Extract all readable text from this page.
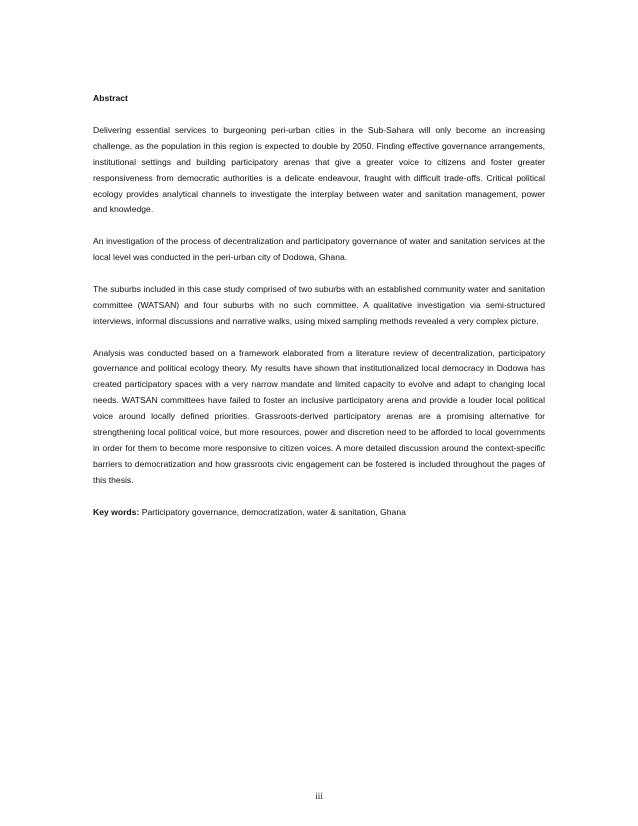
Abstract

Delivering essential services to burgeoning peri-urban cities in the Sub-Sahara will only become an increasing challenge, as the population in this region is expected to double by 2050. Finding effective governance arrangements, institutional settings and building participatory arenas that give a greater voice to citizens and foster greater responsiveness from democratic authorities is a delicate endeavour, fraught with difficult trade-offs. Critical political ecology provides analytical channels to investigate the interplay between water and sanitation management, power and knowledge.

An investigation of the process of decentralization and participatory governance of water and sanitation services at the local level was conducted in the peri-urban city of Dodowa, Ghana.

The suburbs included in this case study comprised of two suburbs with an established community water and sanitation committee (WATSAN) and four suburbs with no such committee. A qualitative investigation via semi-structured interviews, informal discussions and narrative walks, using mixed sampling methods revealed a very complex picture.

Analysis was conducted based on a framework elaborated from a literature review of decentralization, participatory governance and political ecology theory. My results have shown that institutionalized local democracy in Dodowa has created participatory spaces with a very narrow mandate and limited capacity to evolve and adapt to changing local needs. WATSAN committees have failed to foster an inclusive participatory arena and provide a louder local political voice around locally defined priorities. Grassroots-derived participatory arenas are a promising alternative for strengthening local political voice, but more resources, power and discretion need to be afforded to local governments in order for them to become more responsive to citizen voices. A more detailed discussion around the context-specific barriers to democratization and how grassroots civic engagement can be fostered is included throughout the pages of this thesis.

Key words: Participatory governance, democratization, water & sanitation, Ghana

iii
